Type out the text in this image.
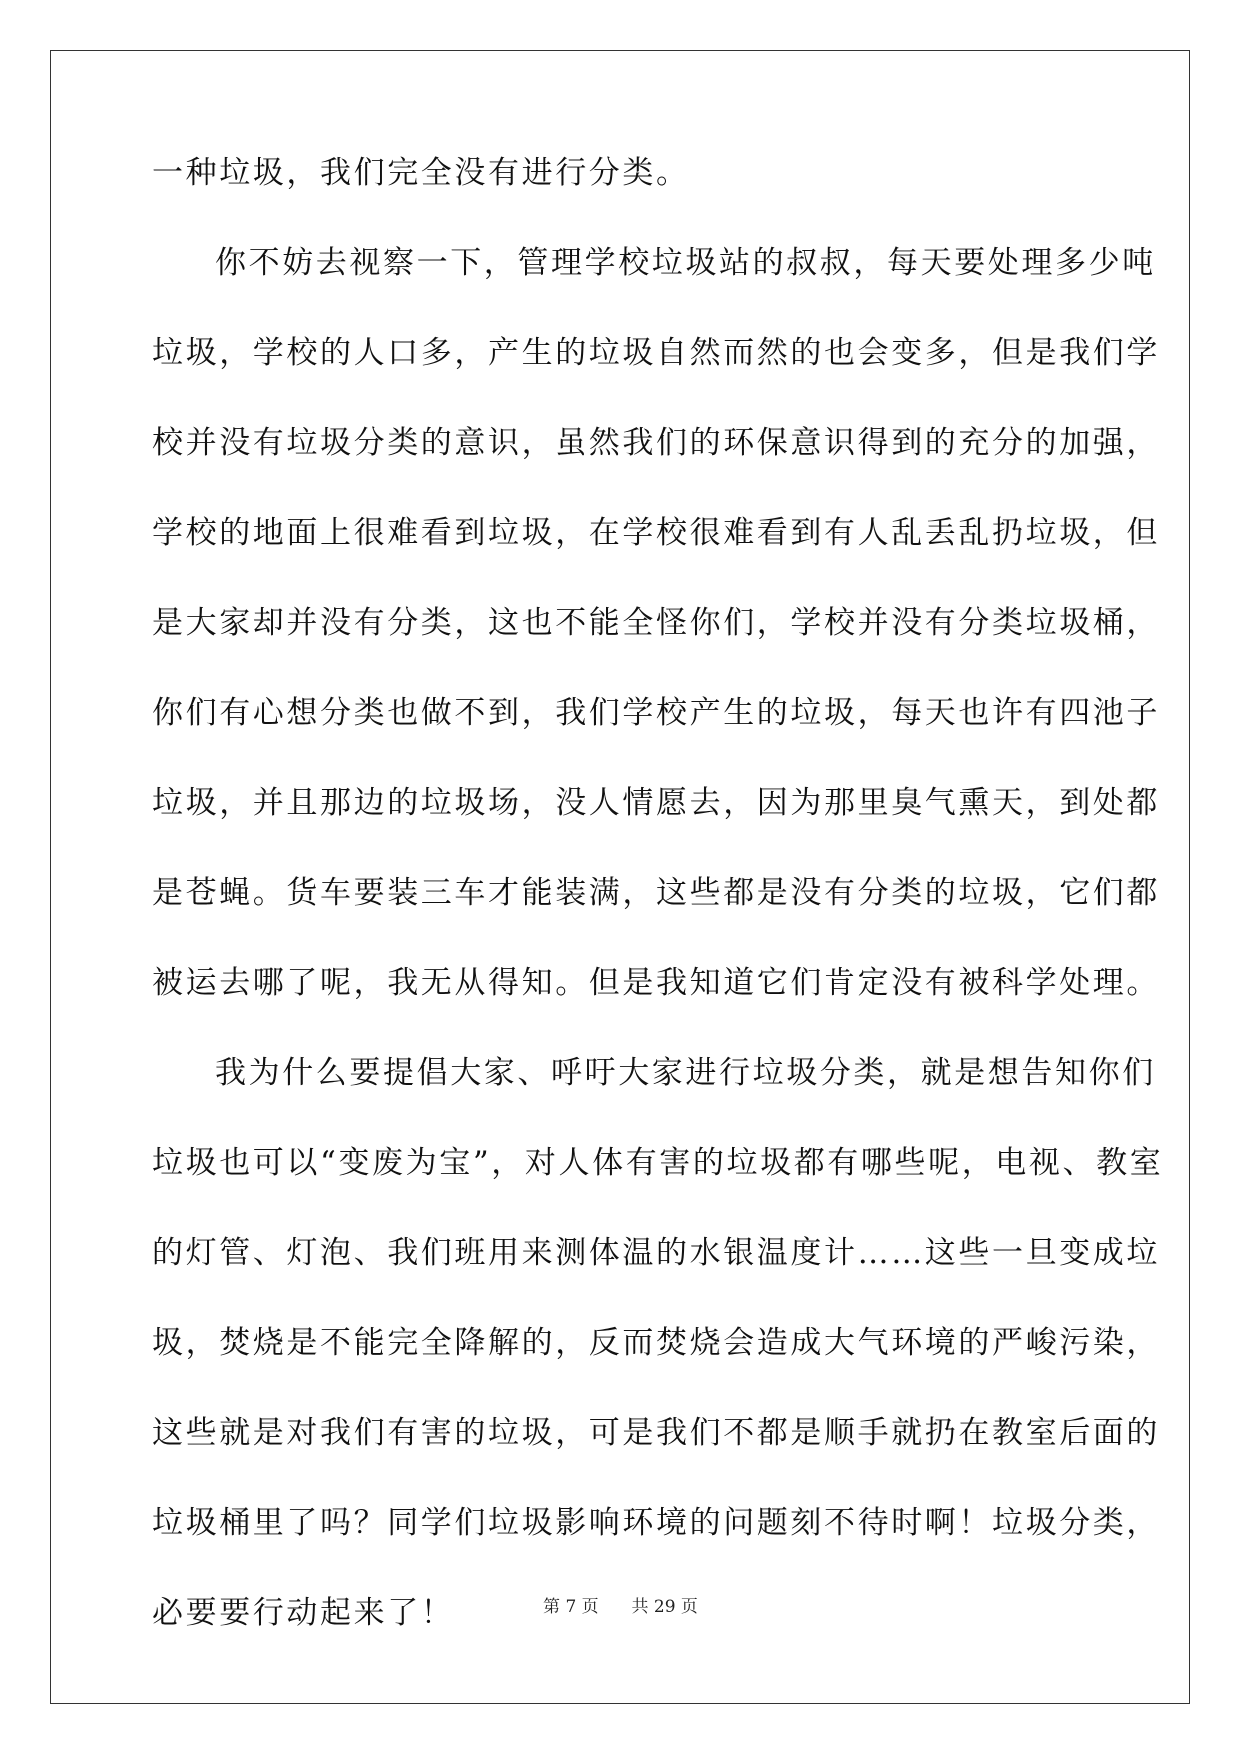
一种垃圾，我们完全没有进行分类。
你不妨去视察一下，管理学校垃圾站的叔叔，每天要处理多少吨
垃圾，学校的人口多，产生的垃圾自然而然的也会变多，但是我们学
校并没有垃圾分类的意识，虽然我们的环保意识得到的充分的加强，
学校的地面上很难看到垃圾，在学校很难看到有人乱丢乱扔垃圾，但
是大家却并没有分类，这也不能全怪你们，学校并没有分类垃圾桶，
你们有心想分类也做不到，我们学校产生的垃圾，每天也许有四池子
垃圾，并且那边的垃圾场，没人情愿去，因为那里臭气熏天，到处都
是苍蝇。货车要装三车才能装满，这些都是没有分类的垃圾，它们都
被运去哪了呢，我无从得知。但是我知道它们肯定没有被科学处理。
我为什么要提倡大家、呼吁大家进行垃圾分类，就是想告知你们
垃圾也可以“变废为宝”，对人体有害的垃圾都有哪些呢，电视、教室
的灯管、灯泡、我们班用来测体温的水银温度计……这些一旦变成垃
圾，焚烧是不能完全降解的，反而焚烧会造成大气环境的严峻污染，
这些就是对我们有害的垃圾，可是我们不都是顺手就扔在教室后面的
垃圾桶里了吗？同学们垃圾影响环境的问题刻不待时啊！垃圾分类，
必要要行动起来了！	第 7 页 共 29 页
